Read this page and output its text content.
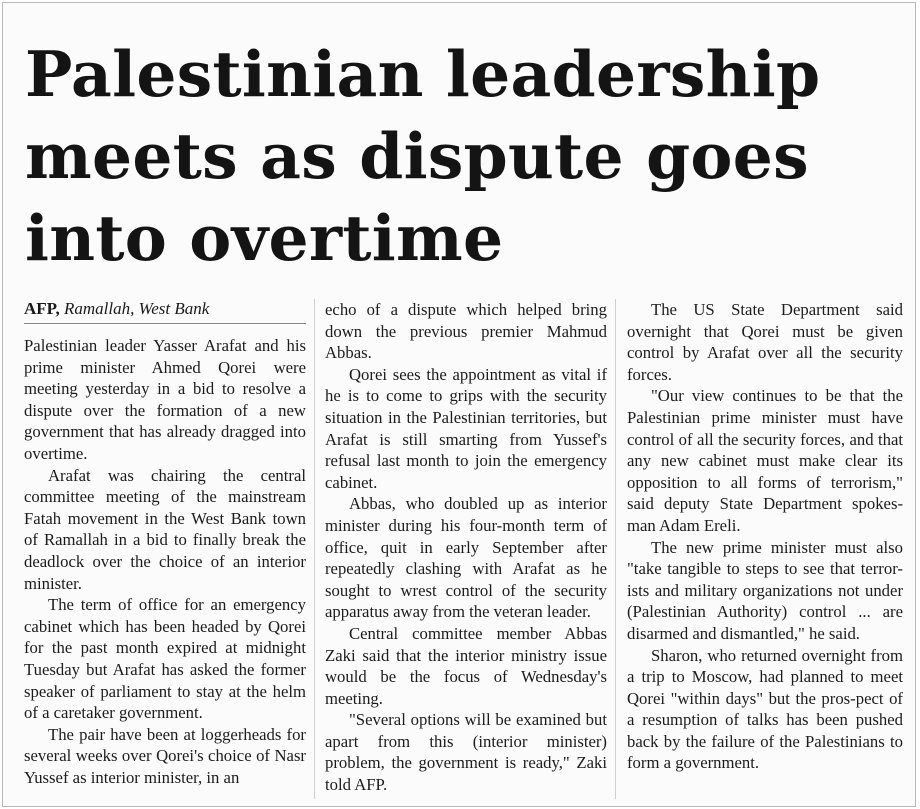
Palestinian leadership
meets as dispute goes
into overtime
AFP, Ramallah, West Bank

Palestinian leader Yasser Arafat and his prime minister Ahmed Qorei were meeting yesterday in a bid to resolve a dispute over the formation of a new government that has already dragged into overtime.

Arafat was chairing the central committee meeting of the mainstream Fatah movement in the West Bank town of Ramallah in a bid to finally break the deadlock over the choice of an interior minister.

The term of office for an emergency cabinet which has been headed by Qorei for the past month expired at midnight Tuesday but Arafat has asked the former speaker of parliament to stay at the helm of a caretaker government.

The pair have been at loggerheads for several weeks over Qorei's choice of Nasr Yussef as interior minister, in an

echo of a dispute which helped bring down the previous premier Mahmud Abbas.

Qorei sees the appointment as vital if he is to come to grips with the security situation in the Palestinian territories, but Arafat is still smarting from Yussef's refusal last month to join the emergency cabinet.

Abbas, who doubled up as interior minister during his four-month term of office, quit in early September after repeatedly clashing with Arafat as he sought to wrest control of the security apparatus away from the veteran leader.

Central committee member Abbas Zaki said that the interior ministry issue would be the focus of Wednesday's meeting.

"Several options will be examined but apart from this (interior minister) problem, the government is ready," Zaki told AFP.

The US State Department said overnight that Qorei must be given control by Arafat over all the security forces.

"Our view continues to be that the Palestinian prime minister must have control of all the security forces, and that any new cabinet must make clear its opposition to all forms of terrorism," said deputy State Department spokes-man Adam Ereli.

The new prime minister must also "take tangible to steps to see that terror-ists and military organizations not under (Palestinian Authority) control ... are disarmed and dismantled," he said.

Sharon, who returned overnight from a trip to Moscow, had planned to meet Qorei "within days" but the pros-pect of a resumption of talks has been pushed back by the failure of the Palestinians to form a government.
